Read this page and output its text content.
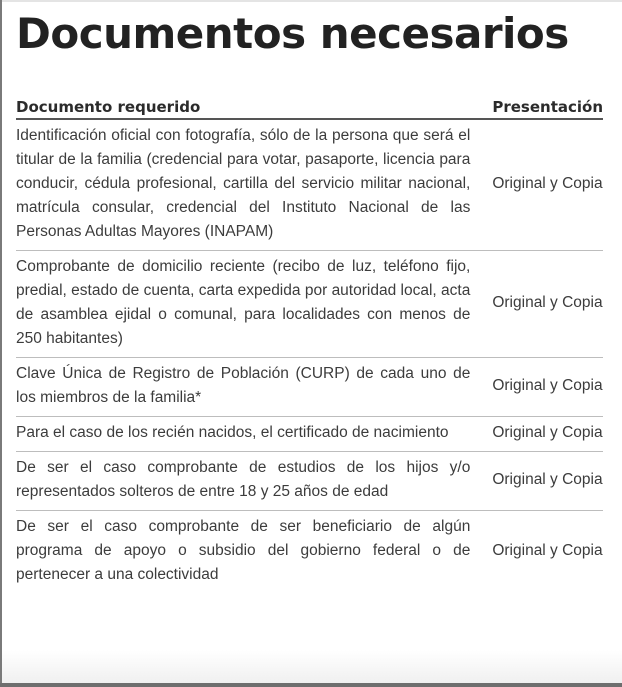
Documentos necesarios
Documento requerido	Presentación
Identificación oficial con fotografía, sólo de la persona que será el titular de la familia (credencial para votar, pasaporte, licencia para conducir, cédula profesional, cartilla del servicio militar nacional, matrícula consular, credencial del Instituto Nacional de las Personas Adultas Mayores (INAPAM)	Original y Copia
Comprobante de domicilio reciente (recibo de luz, teléfono fijo, predial, estado de cuenta, carta expedida por autoridad local, acta de asamblea ejidal o comunal, para localidades con menos de 250 habitantes)	Original y Copia
Clave Única de Registro de Población (CURP) de cada uno de los miembros de la familia*	Original y Copia
Para el caso de los recién nacidos, el certificado de nacimiento	Original y Copia
De ser el caso comprobante de estudios de los hijos y/o representados solteros de entre 18 y 25 años de edad	Original y Copia
De ser el caso comprobante de ser beneficiario de algún programa de apoyo o subsidio del gobierno federal o de pertenecer a una colectividad	Original y Copia
